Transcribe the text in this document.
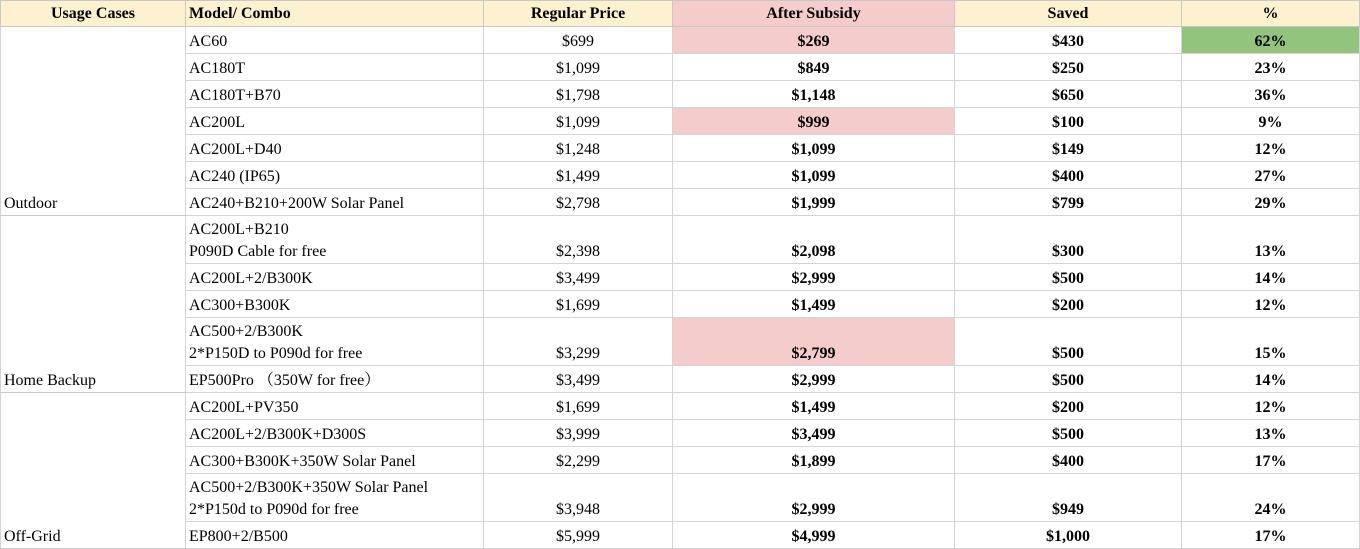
Usage Cases	Model/ Combo	Regular Price	After Subsidy	Saved	%

	AC60	$699	$269	$430	62%

	AC180T	$1,099	$849	$250	23%

	AC180T+B70	$1,798	$1,148	$650	36%

	AC200L	$1,099	$999	$100	9%

	AC200L+D40	$1,248	$1,099	$149	12%

	AC240 (IP65)	$1,499	$1,099	$400	27%
Outdoor	AC240+B210+200W Solar Panel	$2,798	$1,999	$799	29%

	AC200L+B210
P090D Cable for free	$2,398	$2,098	$300	13%

	AC200L+2/B300K	$3,499	$2,999	$500	14%

	AC300+B300K	$1,699	$1,499	$200	12%

	AC500+2/B300K
2*P150D to P090d for free	$3,299	$2,799	$500	15%
Home Backup	EP500Pro （350W for free）	$3,499	$2,999	$500	14%

	AC200L+PV350	$1,699	$1,499	$200	12%

	AC200L+2/B300K+D300S	$3,999	$3,499	$500	13%

	AC300+B300K+350W Solar Panel	$2,299	$1,899	$400	17%

	AC500+2/B300K+350W Solar Panel
2*P150d to P090d for free	$3,948	$2,999	$949	24%
Off-Grid	EP800+2/B500	$5,999	$4,999	$1,000	17%
